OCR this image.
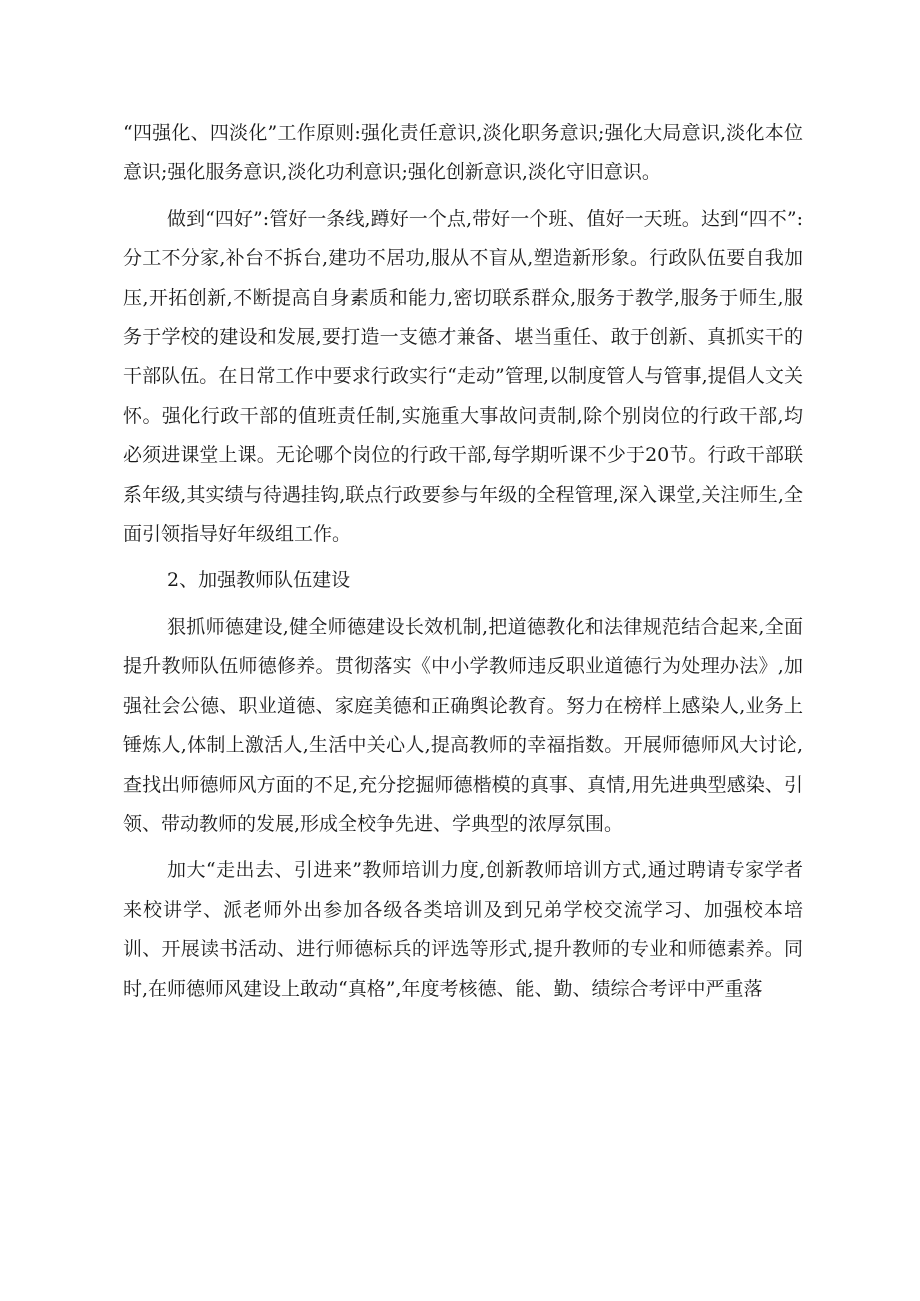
“四强化、四淡化”工作原则:强化责任意识,淡化职务意识;强化大局意识,淡化本位意识;强化服务意识,淡化功利意识;强化创新意识,淡化守旧意识。

做到“四好”:管好一条线,蹲好一个点,带好一个班、值好一天班。达到“四不”:分工不分家,补台不拆台,建功不居功,服从不盲从,塑造新形象。行政队伍要自我加压,开拓创新,不断提高自身素质和能力,密切联系群众,服务于教学,服务于师生,服务于学校的建设和发展,要打造一支德才兼备、堪当重任、敢于创新、真抓实干的干部队伍。在日常工作中要求行政实行“走动”管理,以制度管人与管事,提倡人文关怀。强化行政干部的值班责任制,实施重大事故问责制,除个别岗位的行政干部,均必须进课堂上课。无论哪个岗位的行政干部,每学期听课不少于20节。行政干部联系年级,其实绩与待遇挂钩,联点行政要参与年级的全程管理,深入课堂,关注师生,全面引领指导好年级组工作。

2、加强教师队伍建设

狠抓师德建设,健全师德建设长效机制,把道德教化和法律规范结合起来,全面提升教师队伍师德修养。贯彻落实《中小学教师违反职业道德行为处理办法》,加强社会公德、职业道德、家庭美德和正确舆论教育。努力在榜样上感染人,业务上锤炼人,体制上激活人,生活中关心人,提高教师的幸福指数。开展师德师风大讨论,查找出师德师风方面的不足,充分挖掘师德楷模的真事、真情,用先进典型感染、引领、带动教师的发展,形成全校争先进、学典型的浓厚氛围。

加大“走出去、引进来”教师培训力度,创新教师培训方式,通过聘请专家学者来校讲学、派老师外出参加各级各类培训及到兄弟学校交流学习、加强校本培训、开展读书活动、进行师德标兵的评选等形式,提升教师的专业和师德素养。同时,在师德师风建设上敢动“真格”,年度考核德、能、勤、绩综合考评中严重落
